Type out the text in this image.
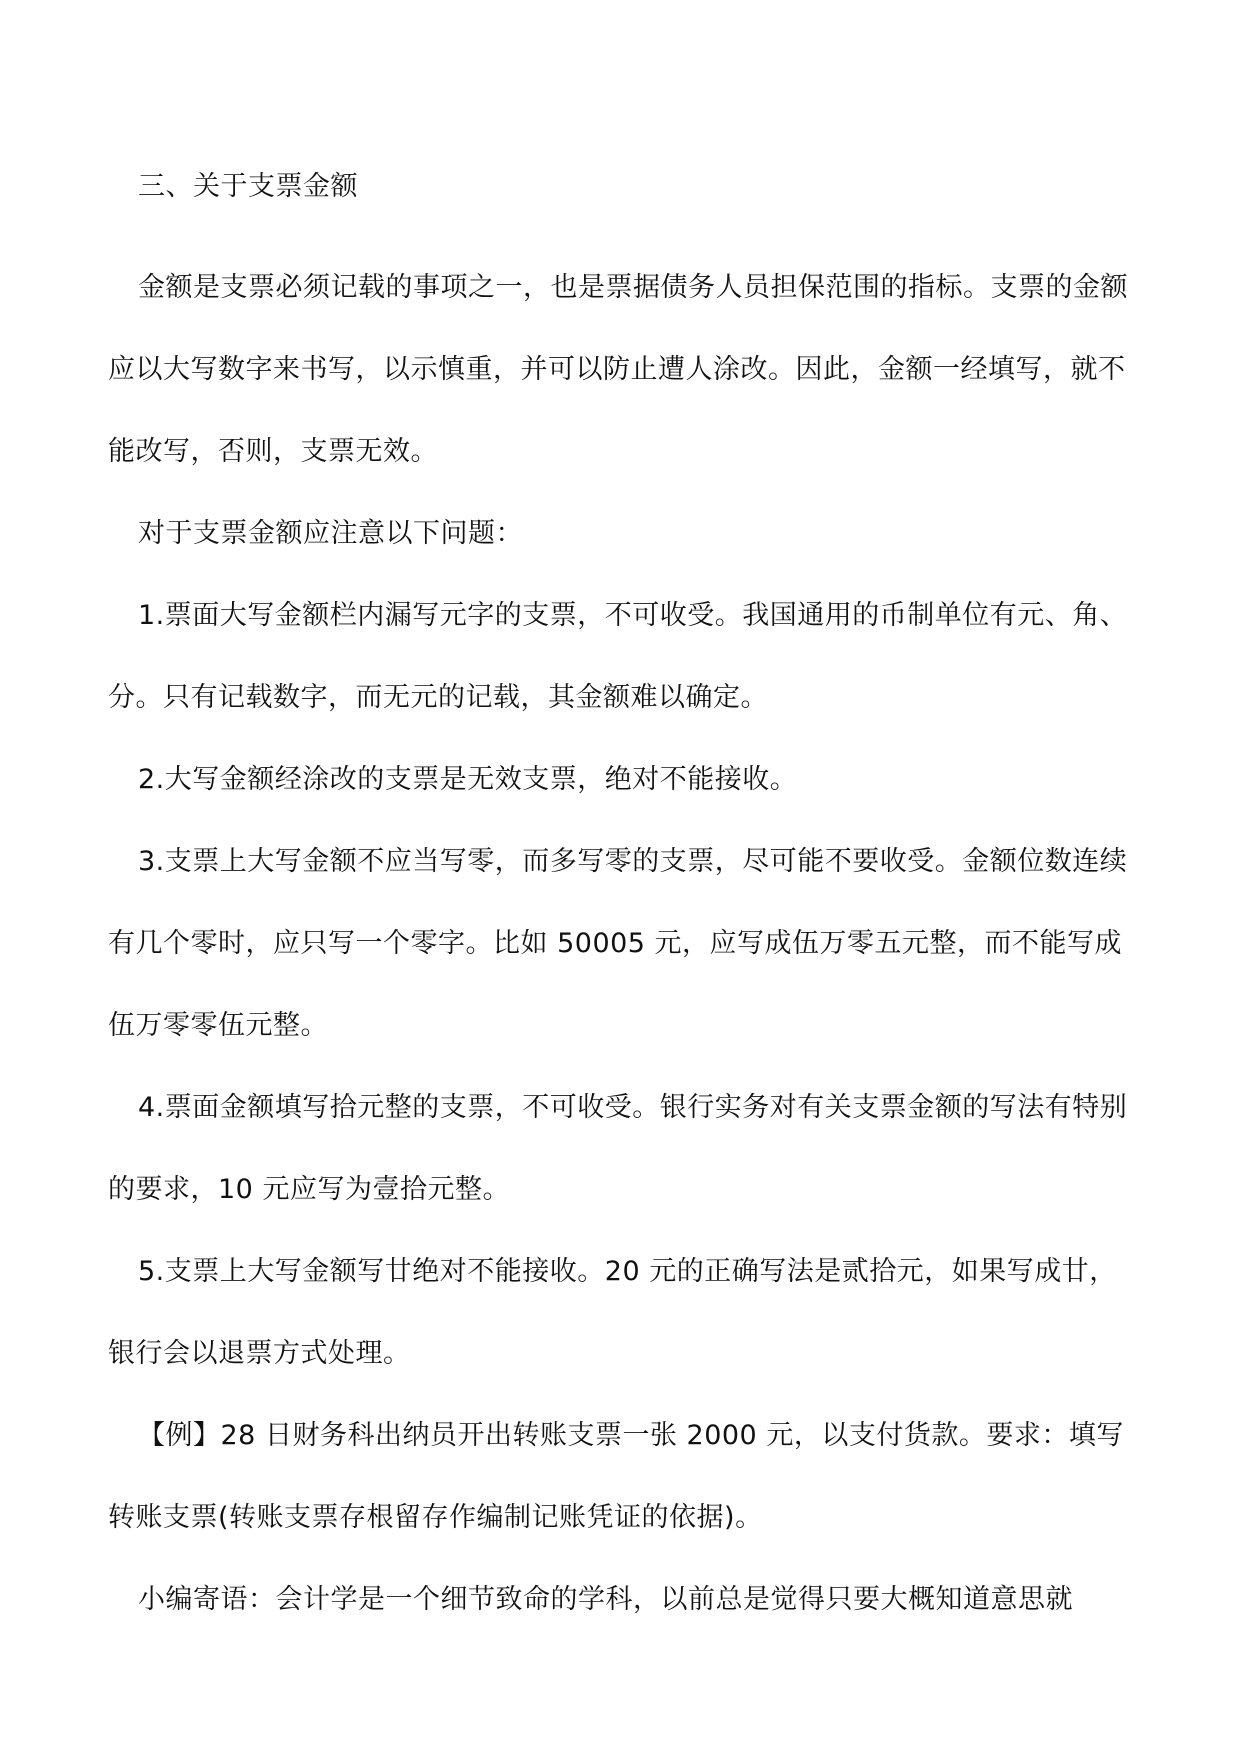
三、关于支票金额

金额是支票必须记载的事项之一，也是票据债务人员担保范围的指标。支票的金额应以大写数字来书写，以示慎重，并可以防止遭人涂改。因此，金额一经填写，就不能改写，否则，支票无效。

对于支票金额应注意以下问题：

1.票面大写金额栏内漏写元字的支票，不可收受。我国通用的币制单位有元、角、分。只有记载数字，而无元的记载，其金额难以确定。

2.大写金额经涂改的支票是无效支票，绝对不能接收。

3.支票上大写金额不应当写零，而多写零的支票，尽可能不要收受。金额位数连续有几个零时，应只写一个零字。比如 50005 元，应写成伍万零五元整，而不能写成伍万零零伍元整。

4.票面金额填写拾元整的支票，不可收受。银行实务对有关支票金额的写法有特别的要求，10 元应写为壹拾元整。

5.支票上大写金额写廿绝对不能接收。20 元的正确写法是贰拾元，如果写成廿，银行会以退票方式处理。

【例】28 日财务科出纳员开出转账支票一张 2000 元，以支付货款。要求：填写转账支票(转账支票存根留存作编制记账凭证的依据)。

小编寄语：会计学是一个细节致命的学科，以前总是觉得只要大概知道意思就
